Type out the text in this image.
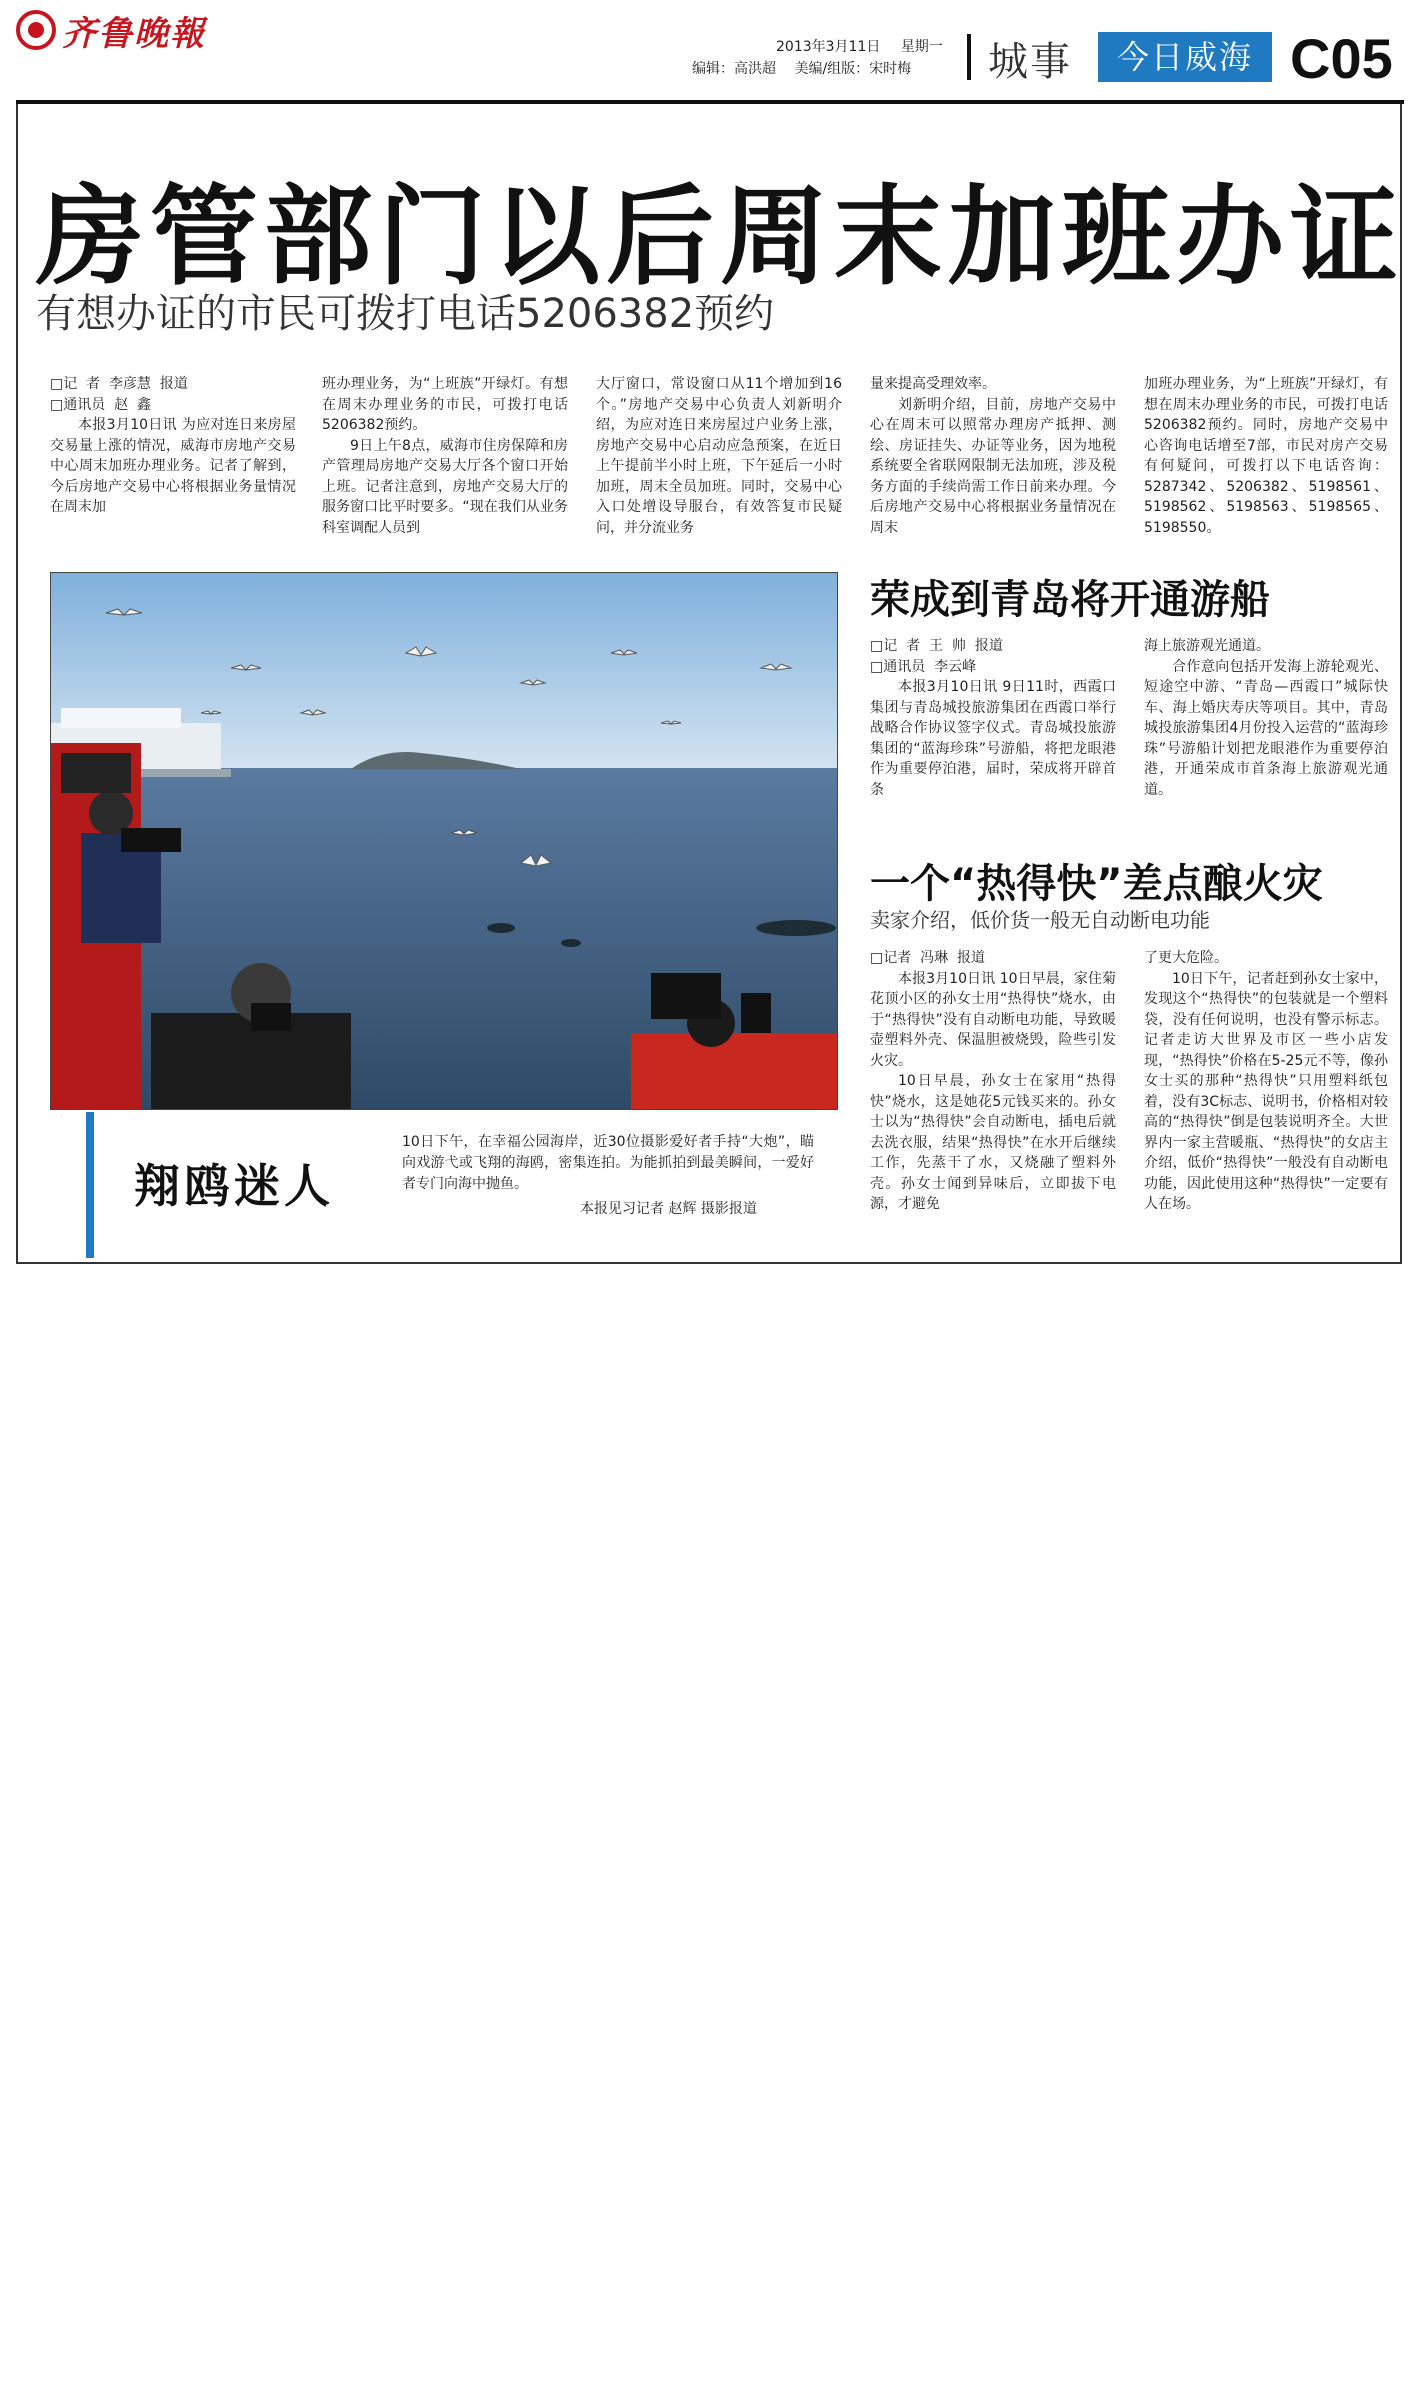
齐鲁晚報	2013年3月11日 星期一
编辑：高洪超 美编/组版：宋时梅	城事	今日威海 C05
房管部门以后周末加班办证
有想办证的市民可拨打电话5206382预约
□记  者  李彦慧  报道
□通讯员  赵  鑫
本报3月10日讯 为应对连日来房屋交易量上涨的情况，威海市房地产交易中心周末加班办理业务。记者了解到，今后房地产交易中心将根据业务量情况在周末加
班办理业务，为“上班族”开绿灯。有想在周末办理业务的市民，可拨打电话5206382预约。
9日上午8点，威海市住房保障和房产管理局房地产交易大厅各个窗口开始上班。记者注意到，房地产交易大厅的服务窗口比平时要多。“现在我们从业务科室调配人员到
大厅窗口，常设窗口从11个增加到16个。”房地产交易中心负责人刘新明介绍，为应对连日来房屋过户业务上涨，房地产交易中心启动应急预案，在近日上午提前半小时上班，下午延后一小时加班，周末全员加班。同时，交易中心入口处增设导服台，有效答复市民疑问，并分流业务
量来提高受理效率。
刘新明介绍，目前，房地产交易中心在周末可以照常办理房产抵押、测绘、房证挂失、办证等业务，因为地税系统要全省联网限制无法加班，涉及税务方面的手续尚需工作日前来办理。今后房地产交易中心将根据业务量情况在周末
加班办理业务，为“上班族”开绿灯，有想在周末办理业务的市民，可拨打电话5206382预约。同时，房地产交易中心咨询电话增至7部，市民对房产交易有何疑问，可拨打以下电话咨询：5287342、5206382、5198561、5198562、5198563、5198565、5198550。
翔鸥迷人
10日下午，在幸福公园海岸，近30位摄影爱好者手持“大炮”，瞄向戏游弋或飞翔的海鸥，密集连拍。为能抓拍到最美瞬间，一爱好者专门向海中抛鱼。
本报见习记者 赵辉 摄影报道
荣成到青岛将开通游船
□记  者  王  帅  报道
□通讯员  李云峰
本报3月10日讯 9日11时，西霞口集团与青岛城投旅游集团在西霞口举行战略合作协议签字仪式。青岛城投旅游集团的“蓝海珍珠”号游船，将把龙眼港作为重要停泊港，届时，荣成将开辟首条
海上旅游观光通道。
合作意向包括开发海上游轮观光、短途空中游、“青岛—西霞口”城际快车、海上婚庆寿庆等项目。其中，青岛城投旅游集团4月份投入运营的“蓝海珍珠”号游船计划把龙眼港作为重要停泊港，开通荣成市首条海上旅游观光通道。
一个“热得快”差点酿火灾
卖家介绍，低价货一般无自动断电功能
□记者  冯琳  报道
本报3月10日讯 10日早晨，家住菊花顶小区的孙女士用“热得快”烧水，由于“热得快”没有自动断电功能，导致暖壶塑料外壳、保温胆被烧毁，险些引发火灾。
10日早晨，孙女士在家用“热得快”烧水，这是她花5元钱买来的。孙女士以为“热得快”会自动断电，插电后就去洗衣服，结果“热得快”在水开后继续工作，先蒸干了水，又烧融了塑料外壳。孙女士闻到异味后，立即拔下电源，才避免
了更大危险。
10日下午，记者赶到孙女士家中，发现这个“热得快”的包装就是一个塑料袋，没有任何说明，也没有警示标志。记者走访大世界及市区一些小店发现，“热得快”价格在5-25元不等，像孙女士买的那种“热得快”只用塑料纸包着，没有3C标志、说明书，价格相对较高的“热得快”倒是包装说明齐全。大世界内一家主营暖瓶、“热得快”的女店主介绍，低价“热得快”一般没有自动断电功能，因此使用这种“热得快”一定要有人在场。
